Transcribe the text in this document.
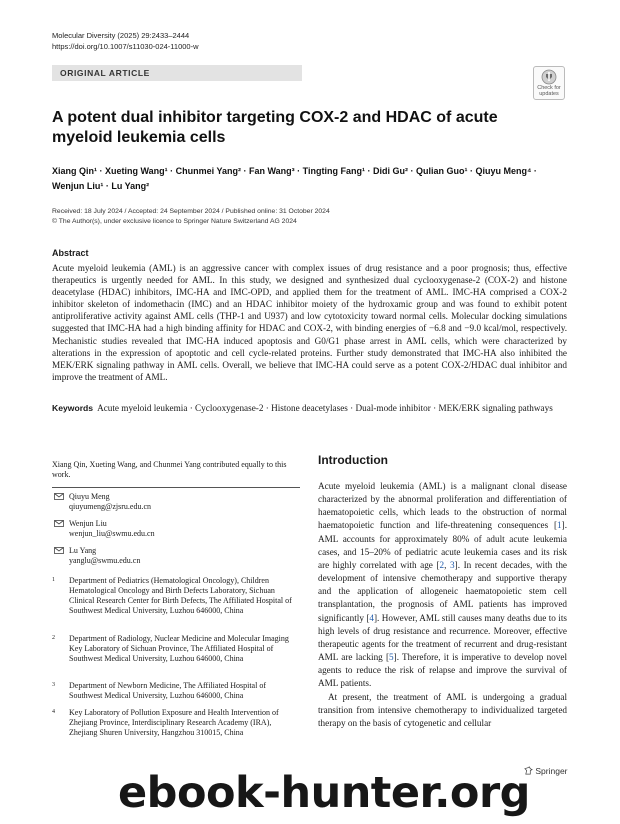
Molecular Diversity (2025) 29:2433–2444
https://doi.org/10.1007/s11030-024-11000-w
ORIGINAL ARTICLE
Check for
updates
A potent dual inhibitor targeting COX-2 and HDAC of acute myeloid leukemia cells
Xiang Qin¹ · Xueting Wang¹ · Chunmei Yang² · Fan Wang³ · Tingting Fang¹ · Didi Gu² · Qulian Guo¹ · Qiuyu Meng⁴ ·
Wenjun Liu¹ · Lu Yang²
Received: 18 July 2024 / Accepted: 24 September 2024 / Published online: 31 October 2024
© The Author(s), under exclusive licence to Springer Nature Switzerland AG 2024
Abstract
Acute myeloid leukemia (AML) is an aggressive cancer with complex issues of drug resistance and a poor prognosis; thus, effective therapeutics is urgently needed for AML. In this study, we designed and synthesized dual cyclooxygenase-2 (COX-2) and histone deacetylase (HDAC) inhibitors, IMC-HA and IMC-OPD, and applied them for the treatment of AML. IMC-HA comprised a COX-2 inhibitor skeleton of indomethacin (IMC) and an HDAC inhibitor moiety of the hydroxamic group and was found to exhibit potent antiproliferative activity against AML cells (THP-1 and U937) and low cytotoxicity toward normal cells. Molecular docking simulations suggested that IMC-HA had a high binding affinity for HDAC and COX-2, with binding energies of −6.8 and −9.0 kcal/mol, respectively. Mechanistic studies revealed that IMC-HA induced apoptosis and G0/G1 phase arrest in AML cells, which were characterized by alterations in the expression of apoptotic and cell cycle-related proteins. Further study demonstrated that IMC-HA also inhibited the MEK/ERK signaling pathway in AML cells. Overall, we believe that IMC-HA could serve as a potent COX-2/HDAC dual inhibitor and improve the treatment of AML.
Keywords Acute myeloid leukemia · Cyclooxygenase-2 · Histone deacetylases · Dual-mode inhibitor · MEK/ERK signaling pathways
Xiang Qin, Xueting Wang, and Chunmei Yang contributed equally to this work.
Qiuyu Meng
qiuyumeng@zjsru.edu.cn
Wenjun Liu
wenjun_liu@swmu.edu.cn
Lu Yang
yanglu@swmu.edu.cn
1 Department of Pediatrics (Hematological Oncology), Children Hematological Oncology and Birth Defects Laboratory, Sichuan Clinical Research Center for Birth Defects, The Affiliated Hospital of Southwest Medical University, Luzhou 646000, China
2 Department of Radiology, Nuclear Medicine and Molecular Imaging Key Laboratory of Sichuan Province, The Affiliated Hospital of Southwest Medical University, Luzhou 646000, China
3 Department of Newborn Medicine, The Affiliated Hospital of Southwest Medical University, Luzhou 646000, China
4 Key Laboratory of Pollution Exposure and Health Intervention of Zhejiang Province, Interdisciplinary Research Academy (IRA), Zhejiang Shuren University, Hangzhou 310015, China
Introduction

Acute myeloid leukemia (AML) is a malignant clonal disease characterized by the abnormal proliferation and differentiation of haematopoietic cells, which leads to the obstruction of normal haematopoietic function and life-threatening consequences [1]. AML accounts for approximately 80% of adult acute leukemia cases, and 15–20% of pediatric acute leukemia cases and its risk are highly correlated with age [2, 3]. In recent decades, with the development of intensive chemotherapy and supportive therapy and the application of allogeneic haematopoietic stem cell transplantation, the prognosis of AML patients has improved significantly [4]. However, AML still causes many deaths due to its high levels of drug resistance and recurrence. Moreover, effective therapeutic agents for the treatment of recurrent and drug-resistant AML are lacking [5]. Therefore, it is imperative to develop novel agents to reduce the risk of relapse and improve the survival of AML patients.

At present, the treatment of AML is undergoing a gradual transition from intensive chemotherapy to individualized targeted therapy on the basis of cytogenetic and cellular

Springer
ebook-hunter.org
